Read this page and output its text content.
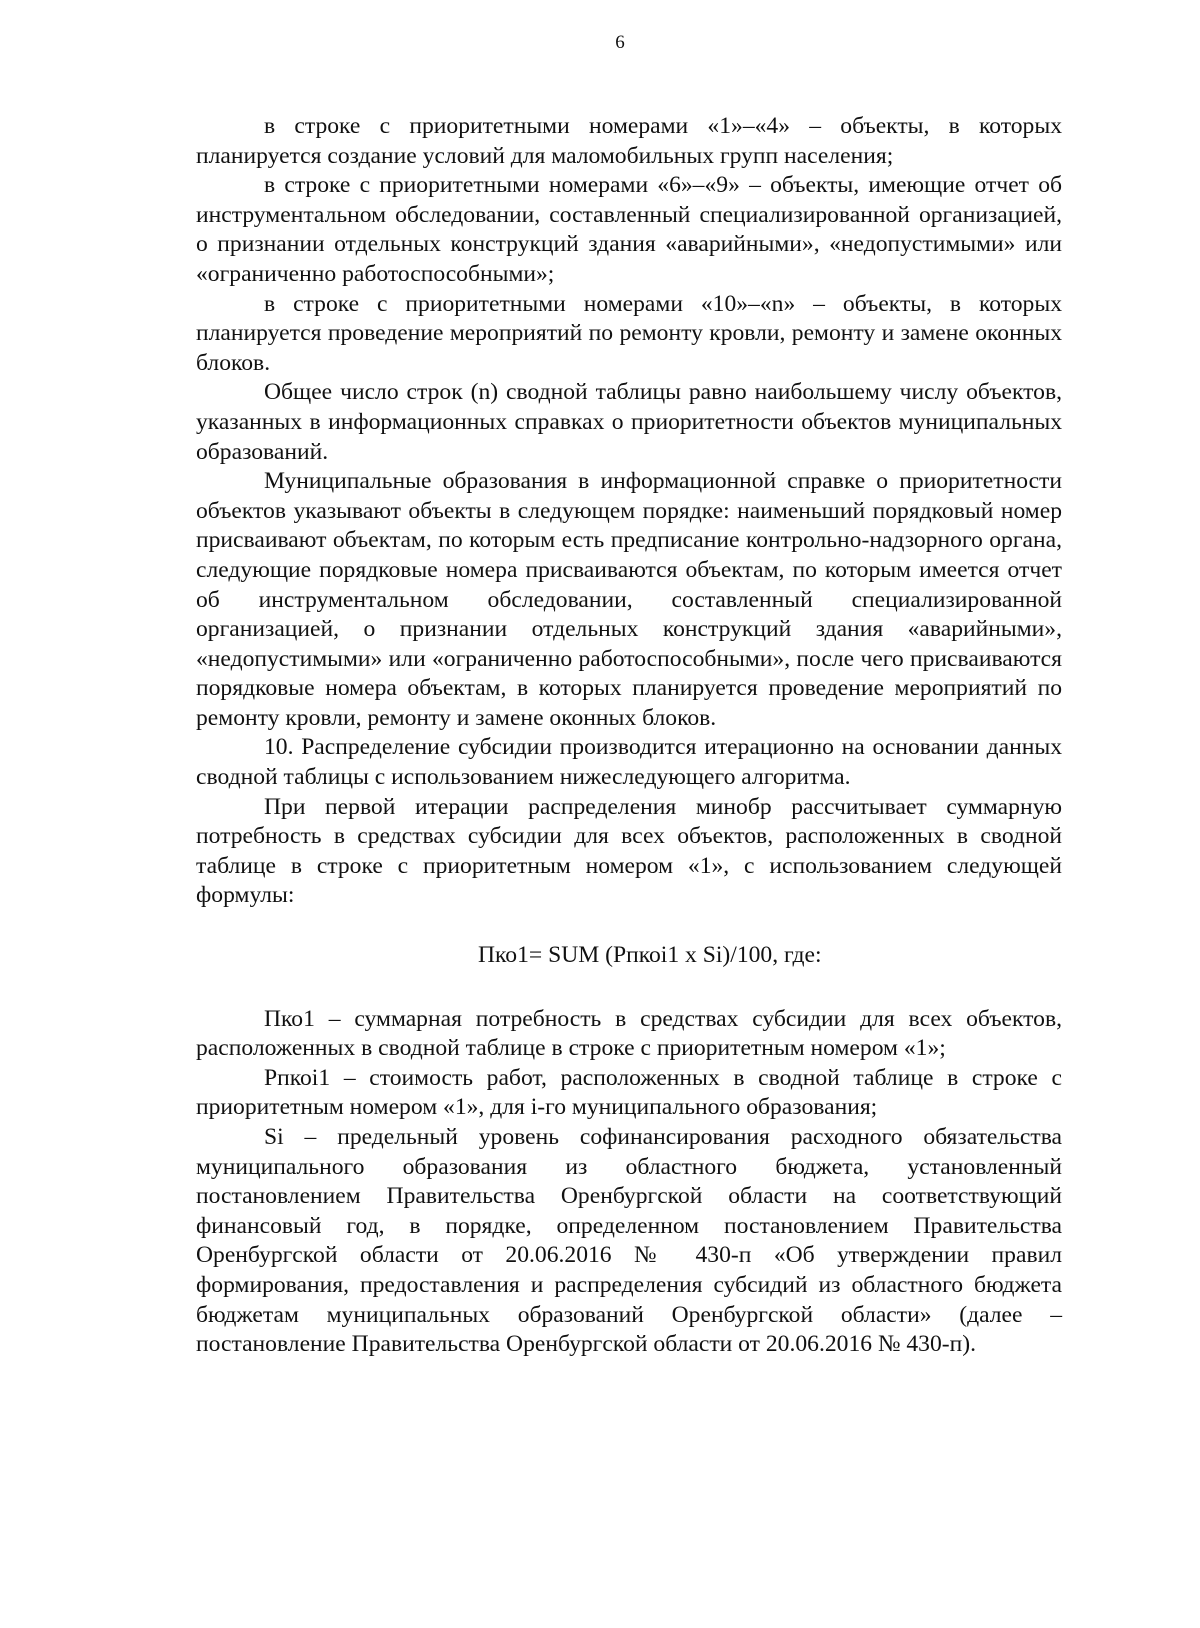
6

в строке с приоритетными номерами «1»–«4» – объекты, в которых планируется создание условий для маломобильных групп населения;

в строке с приоритетными номерами «6»–«9» – объекты, имеющие отчет об инструментальном обследовании, составленный специализированной организацией, о признании отдельных конструкций здания «аварийными», «недопустимыми» или «ограниченно работоспособными»;

в строке с приоритетными номерами «10»–«n» – объекты, в которых планируется проведение мероприятий по ремонту кровли, ремонту и замене оконных блоков.

Общее число строк (n) сводной таблицы равно наибольшему числу объектов, указанных в информационных справках о приоритетности объектов муниципальных образований.

Муниципальные образования в информационной справке о приоритетности объектов указывают объекты в следующем порядке: наименьший порядковый номер присваивают объектам, по которым есть предписание контрольно-надзорного органа, следующие порядковые номера присваиваются объектам, по которым имеется отчет об инструментальном обследовании, составленный специализированной организацией, о признании отдельных конструкций здания «аварийными», «недопустимыми» или «ограниченно работоспособными», после чего присваиваются порядковые номера объектам, в которых планируется проведение мероприятий по ремонту кровли, ремонту и замене оконных блоков.

10. Распределение субсидии производится итерационно на основании данных сводной таблицы с использованием нижеследующего алгоритма.

При первой итерации распределения минобр рассчитывает суммарную потребность в средствах субсидии для всех объектов, расположенных в сводной таблице в строке с приоритетным номером «1», с использованием следующей формулы:

Пко1= SUM (Рпкоі1 х Si)/100, где:

Пко1 – суммарная потребность в средствах субсидии для всех объектов, расположенных в сводной таблице в строке с приоритетным номером «1»;

Рпкоі1 – стоимость работ, расположенных в сводной таблице в строке с приоритетным номером «1», для і-го муниципального образования;

Si – предельный уровень софинансирования расходного обязательства муниципального образования из областного бюджета, установленный постановлением Правительства Оренбургской области на соответствующий финансовый год, в порядке, определенном постановлением Правительства Оренбургской области от 20.06.2016 № 430-п «Об утверждении правил формирования, предоставления и распределения субсидий из областного бюджета бюджетам муниципальных образований Оренбургской области» (далее – постановление Правительства Оренбургской области от 20.06.2016 № 430-п).
